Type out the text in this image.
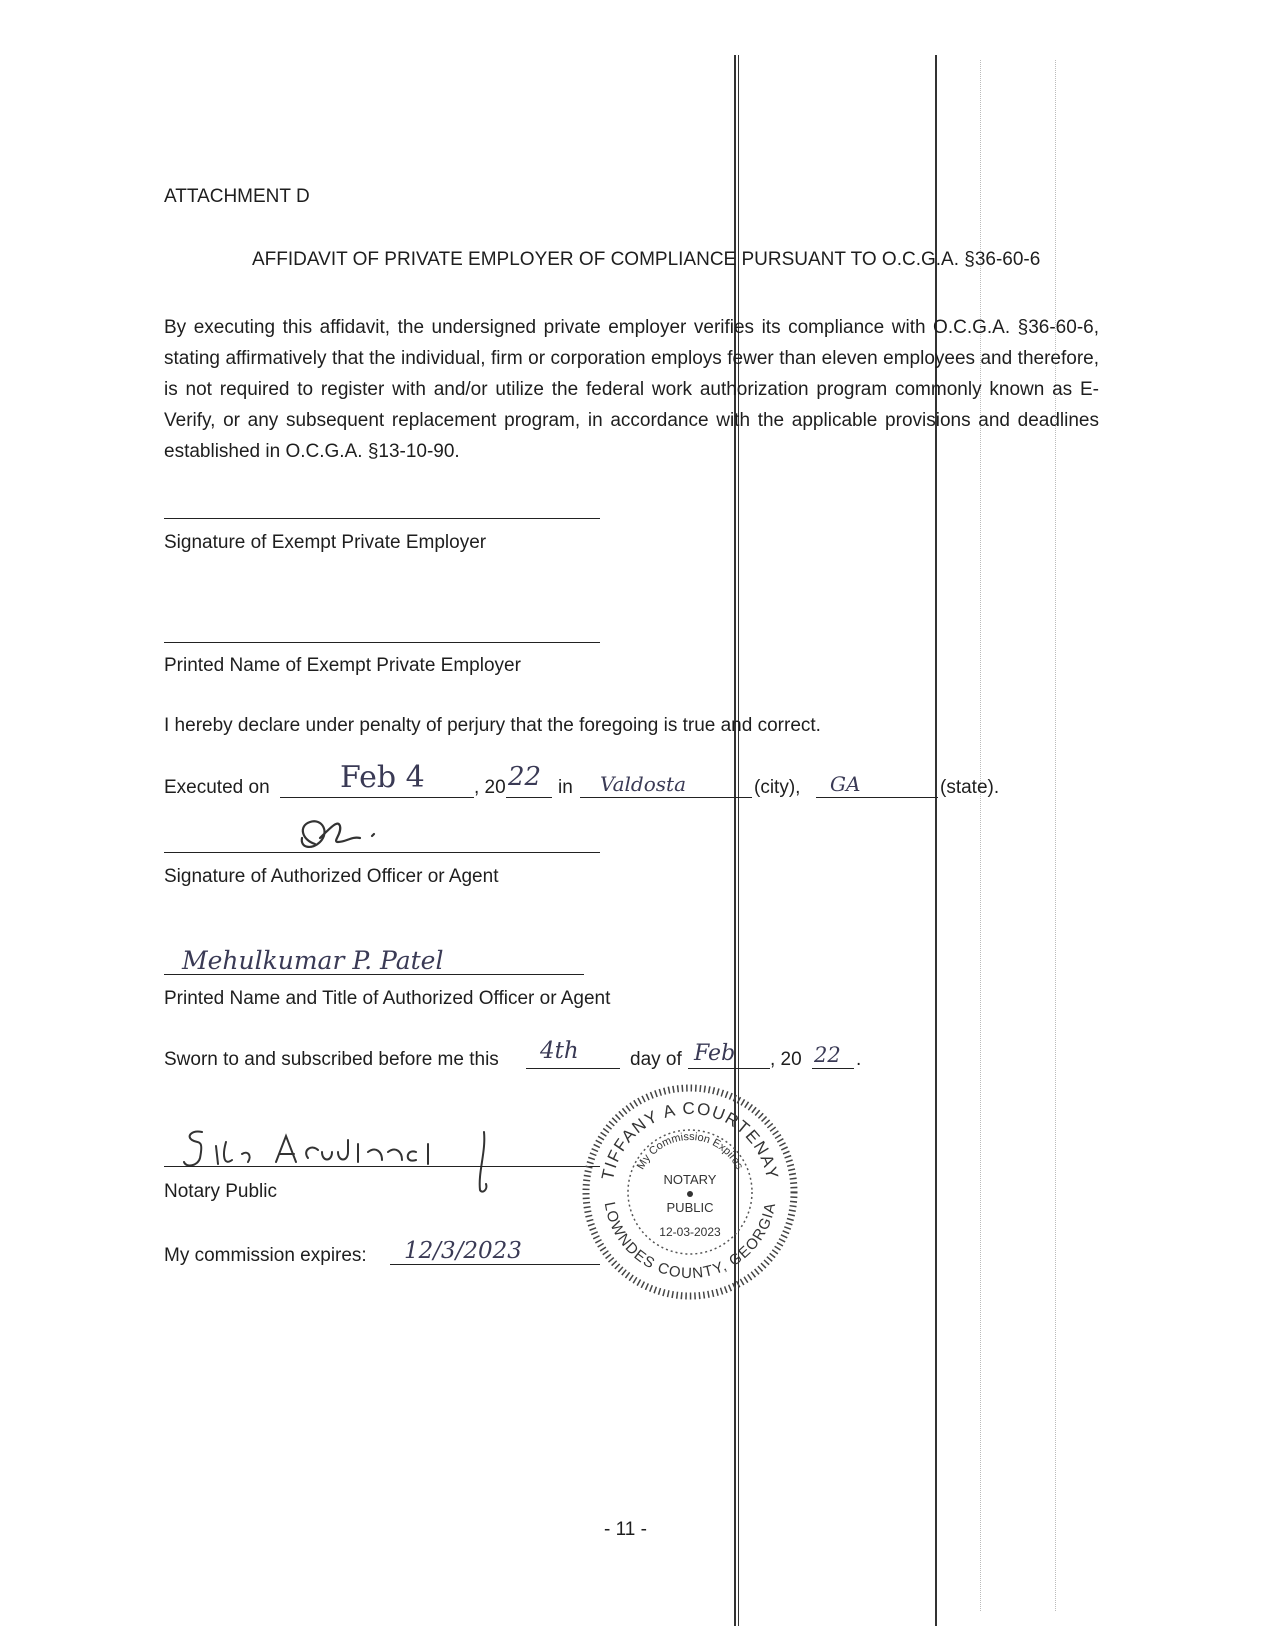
ATTACHMENT D
AFFIDAVIT OF PRIVATE EMPLOYER OF COMPLIANCE PURSUANT TO O.C.G.A. §36-60-6
By executing this affidavit, the undersigned private employer verifies its compliance with O.C.G.A. §36-60-6, stating affirmatively that the individual, firm or corporation employs fewer than eleven employees and therefore, is not required to register with and/or utilize the federal work authorization program commonly known as E-Verify, or any subsequent replacement program, in accordance with the applicable provisions and deadlines established in O.C.G.A. §13-10-90.
Signature of Exempt Private Employer
Printed Name of Exempt Private Employer
I hereby declare under penalty of perjury that the foregoing is true and correct.
Executed on Feb 4	, 20 22 in Valdosta	(city), GA	(state).
Signature of Authorized Officer or Agent
Mehulkumar P. Patel
Printed Name and Title of Authorized Officer or Agent
Sworn to and subscribed before me this 4th	day of Feb , 20 22 .
Notary Public
My commission expires: 12/3/2023
TIFFANY A COURTENAY
LOWNDES COUNTY, GEORGIA
My Commission Expires
NOTARY
PUBLIC
12-03-2023
- 11 -
